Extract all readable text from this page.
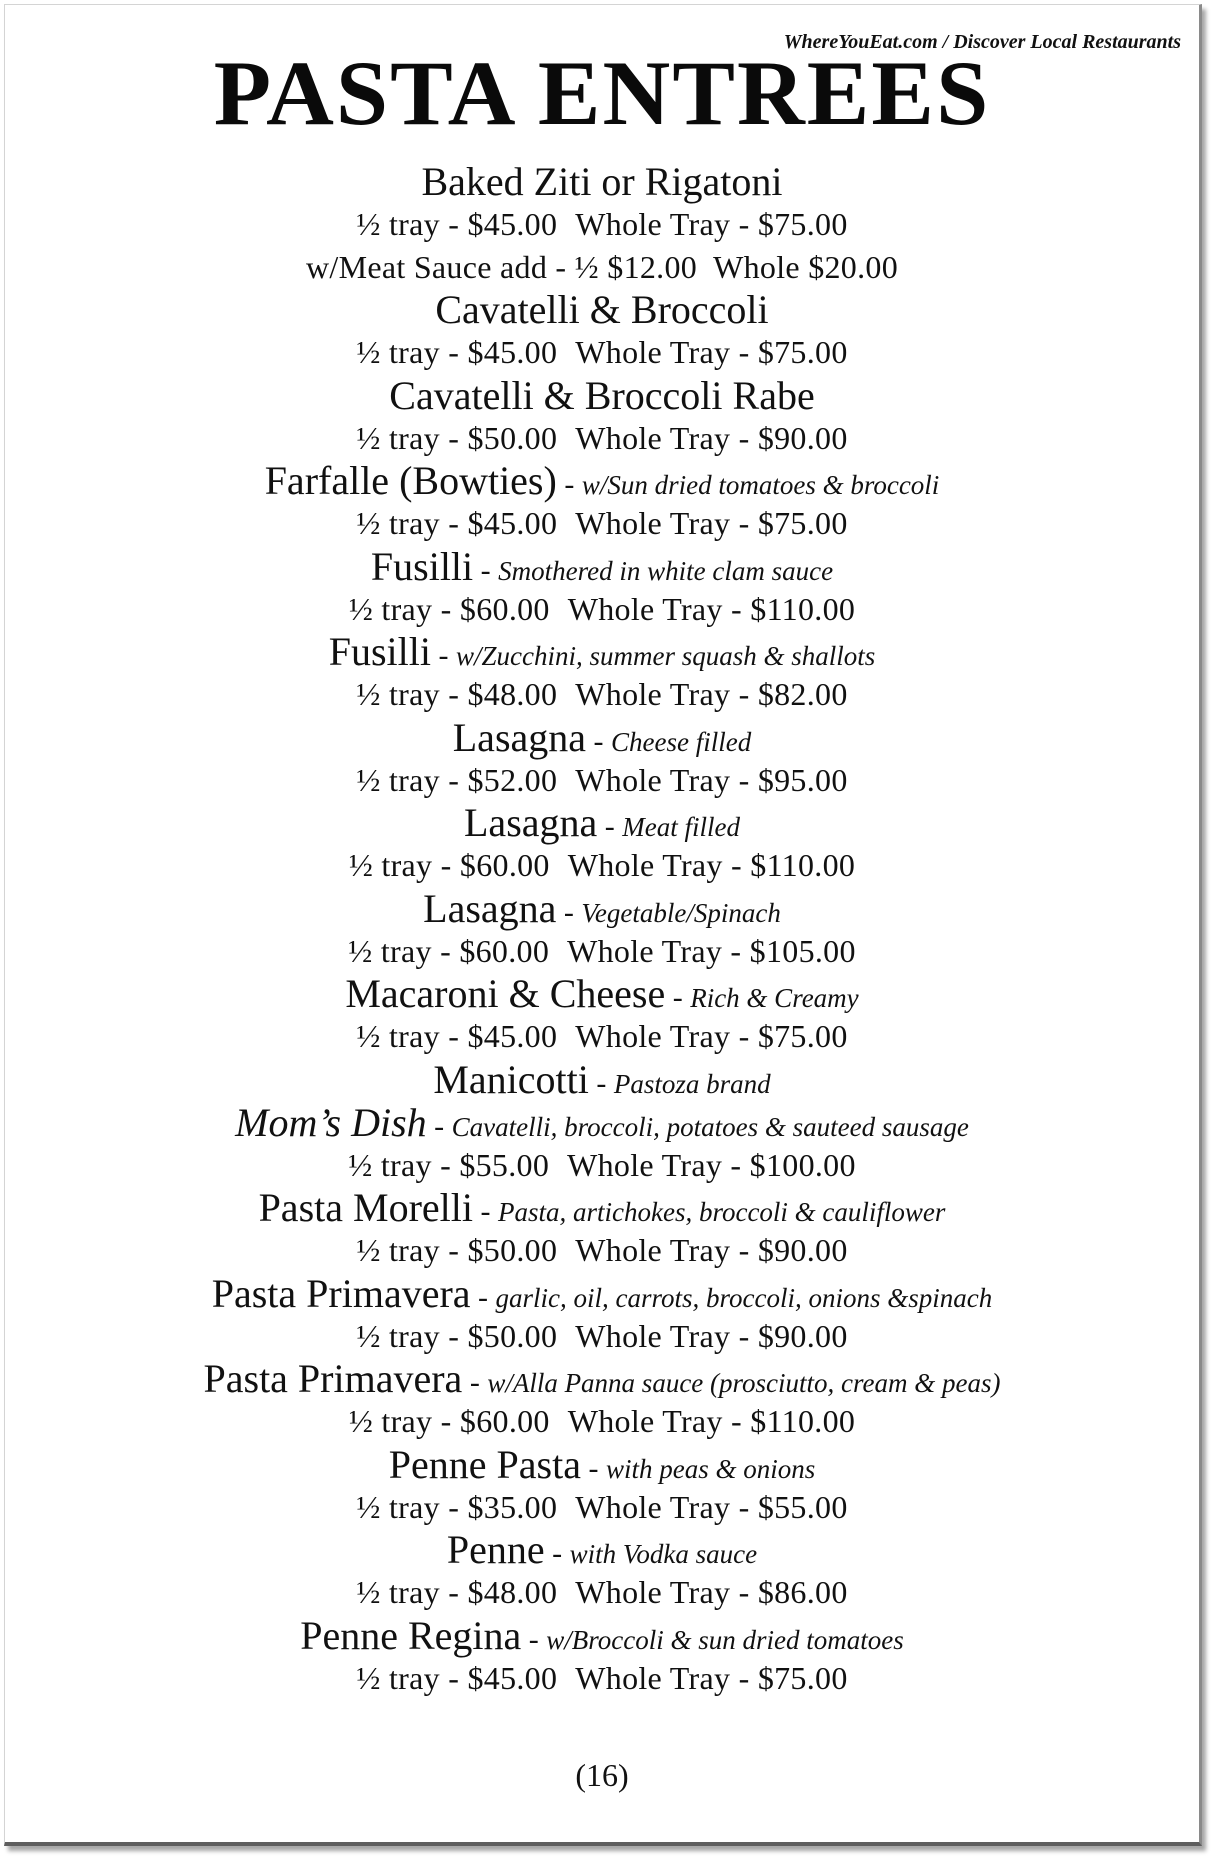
WhereYouEat.com / Discover Local Restaurants
PASTA ENTREES
Baked Ziti or Rigatoni
½ tray - $45.00 Whole Tray - $75.00
w/Meat Sauce add - ½ $12.00  Whole $20.00
Cavatelli & Broccoli
½ tray - $45.00 Whole Tray - $75.00
Cavatelli & Broccoli Rabe
½ tray - $50.00 Whole Tray - $90.00
Farfalle (Bowties) - w/Sun dried tomatoes & broccoli
½ tray - $45.00 Whole Tray - $75.00
Fusilli - Smothered in white clam sauce
½ tray - $60.00 Whole Tray - $110.00
Fusilli - w/Zucchini, summer squash & shallots
½ tray - $48.00 Whole Tray - $82.00
Lasagna - Cheese filled
½ tray - $52.00 Whole Tray - $95.00
Lasagna - Meat filled
½ tray - $60.00 Whole Tray - $110.00
Lasagna - Vegetable/Spinach
½ tray - $60.00 Whole Tray - $105.00
Macaroni & Cheese - Rich & Creamy
½ tray - $45.00 Whole Tray - $75.00
Manicotti - Pastoza brand
Mom’s Dish - Cavatelli, broccoli, potatoes & sauteed sausage
½ tray - $55.00 Whole Tray - $100.00
Pasta Morelli - Pasta, artichokes, broccoli & cauliflower
½ tray - $50.00 Whole Tray - $90.00
Pasta Primavera - garlic, oil, carrots, broccoli, onions &spinach
½ tray - $50.00 Whole Tray - $90.00
Pasta Primavera - w/Alla Panna sauce (prosciutto, cream & peas)
½ tray - $60.00 Whole Tray - $110.00
Penne Pasta - with peas & onions
½ tray - $35.00 Whole Tray - $55.00
Penne - with Vodka sauce
½ tray - $48.00 Whole Tray - $86.00
Penne Regina - w/Broccoli & sun dried tomatoes
½ tray - $45.00 Whole Tray - $75.00
(16)
